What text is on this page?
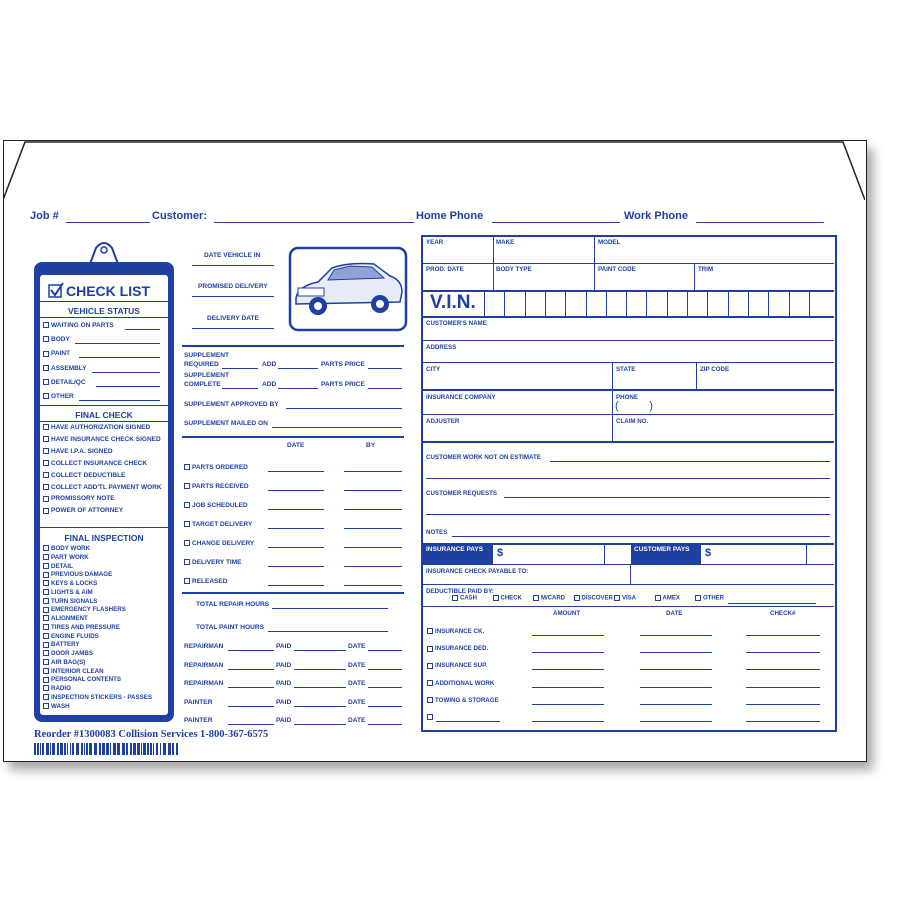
Job #	Customer:	Home Phone	Work Phone
CHECK LIST
VEHICLE STATUS
FINAL CHECK
FINAL INSPECTION
DATE VEHICLE IN
PROMISED DELIVERY
DELIVERY DATE
SUPPLEMENT
REQUIRED	ADD	PARTS PRICE
SUPPLEMENT
COMPLETE	ADD	PARTS PRICE
SUPPLEMENT APPROVED BY
SUPPLEMENT MAILED ON
DATE	BY
TOTAL REPAIR HOURS
TOTAL PAINT HOURS
YEAR	MAKE	MODEL
PROD. DATE	BODY TYPE	PAINT CODE	TRIM
V.I.N.
CUSTOMER'S NAME
ADDRESS
CITY	STATE	ZIP CODE
INSURANCE COMPANY	PHONE
(          )
ADJUSTER	CLAIM NO.
CUSTOMER WORK NOT ON ESTIMATE
CUSTOMER REQUESTS
NOTES
INSURANCE PAYS	$	CUSTOMER PAYS	$
INSURANCE CHECK PAYABLE TO:
DEDUCTIBLE PAID BY:
AMOUNT	DATE	CHECK#
Reorder #1300083 Collision Services 1-800-367-6575
WAITING ON PARTS
BODY
PAINT
ASSEMBLY
DETAIL/QC
OTHER
HAVE AUTHORIZATION SIGNED
HAVE INSURANCE CHECK SIGNED
HAVE I.P.A. SIGNED
COLLECT INSURANCE CHECK
COLLECT DEDUCTIBLE
COLLECT ADD'TL PAYMENT WORK
PROMISSORY NOTE
POWER OF ATTORNEY
BODY WORK
PART WORK
DETAIL
PREVIOUS DAMAGE
KEYS & LOCKS
LIGHTS & AIM
TURN SIGNALS
EMERGENCY FLASHERS
ALIGNMENT
TIRES AND PRESSURE
ENGINE FLUIDS
BATTERY
DOOR JAMBS
AIR BAG(S)
INTERIOR CLEAN
PERSONAL CONTENTS
RADIO
INSPECTION STICKERS - PASSES
WASH
PARTS ORDERED
PARTS RECEIVED
JOB SCHEDULED
TARGET DELIVERY
CHANGE DELIVERY
DELIVERY TIME
RELEASED
REPAIRMAN	PAID	DATE
REPAIRMAN	PAID	DATE
REPAIRMAN	PAID	DATE
PAINTER	PAID	DATE
PAINTER	PAID	DATE
CASH	CHECK	M/CARD	DISCOVER	VISA	AMEX	OTHER
INSURANCE CK.
INSURANCE DED.
INSURANCE SUP.
ADDITIONAL WORK
TOWING & STORAGE
